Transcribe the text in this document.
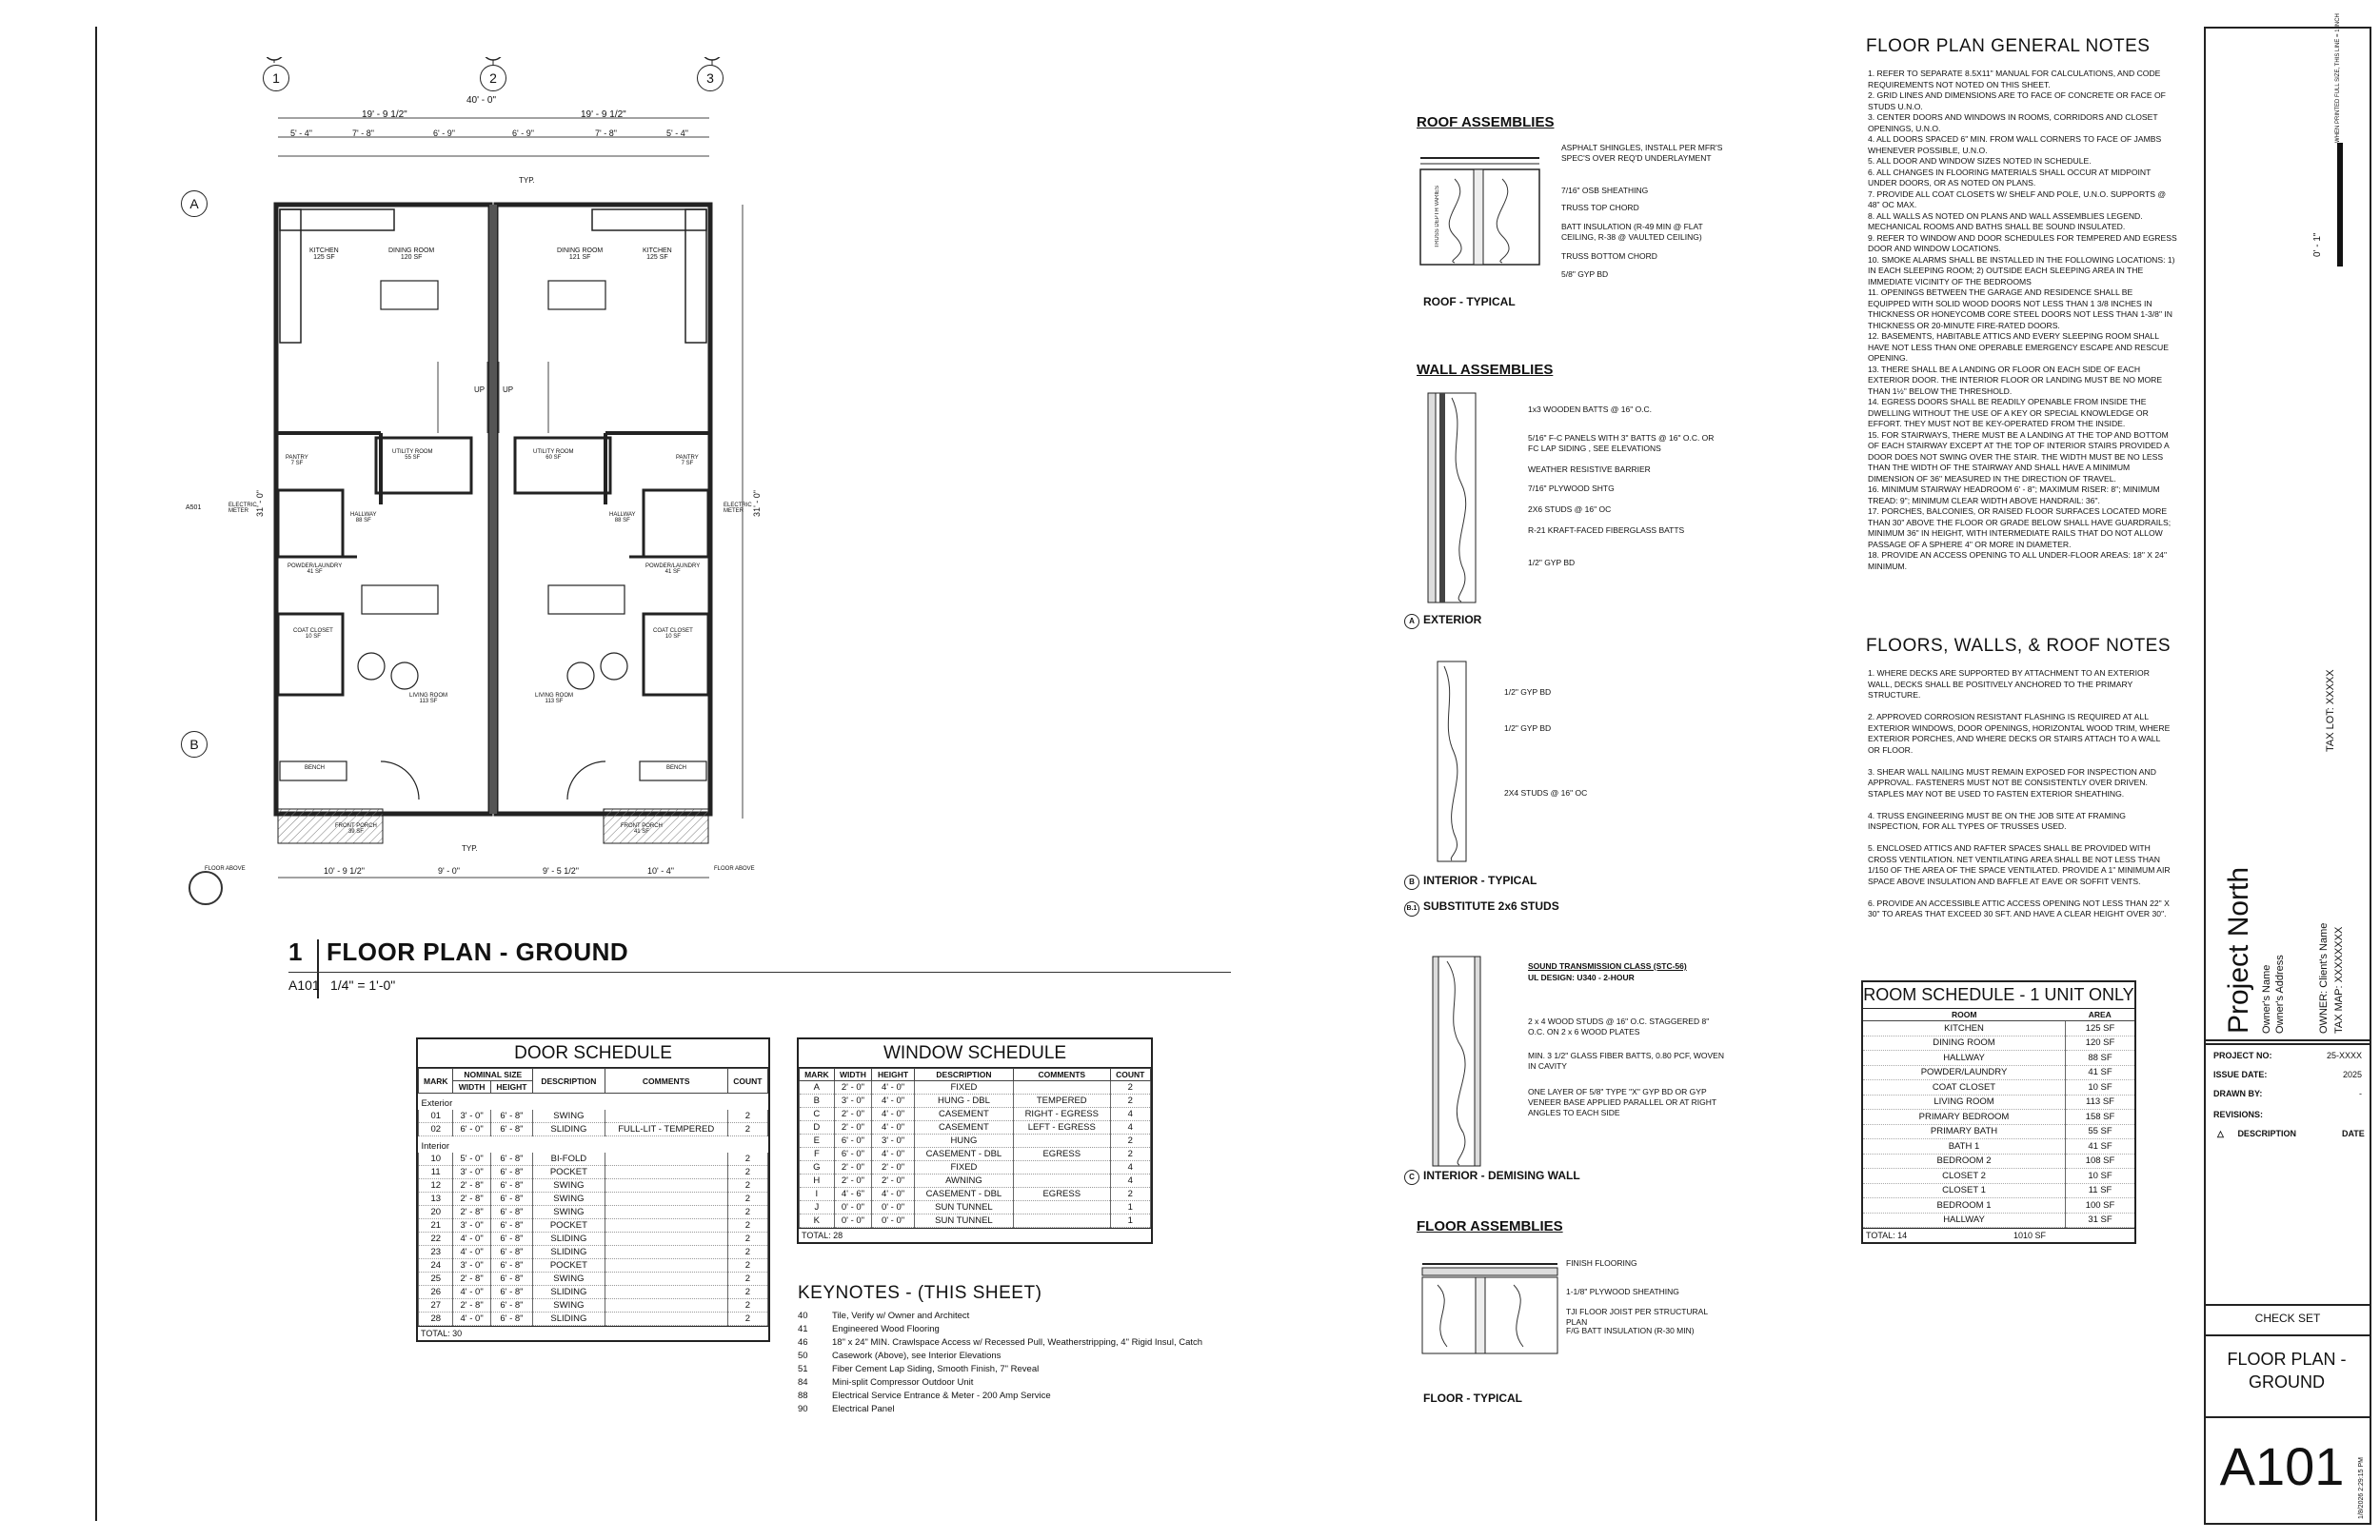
1	2	3
A
B
40' - 0"
19' - 9 1/2"	19' - 9 1/2"
5' - 4"	7' - 8"	6' - 9"	6' - 9"	7' - 8"	5' - 4"
KITCHEN
125 SF
DINING ROOM
120 SF
UTILITY ROOM
55 SF
PANTRY
7 SF
HALLWAY
88 SF
POWDER/LAUNDRY
41 SF
COAT CLOSET
10 SF
LIVING ROOM
113 SF
FRONT PORCH
39 SF
DINING ROOM
121 SF
KITCHEN
125 SF
UTILITY ROOM
60 SF	PANTRY
7 SF
HALLWAY
88 SF
POWDER/LAUNDRY
41 SF
COAT CLOSET
10 SF
LIVING ROOM
113 SF
FRONT PORCH
41 SF
UP UP
TYP.
TYP.
BENCH	BENCH
FLOOR ABOVE	FLOOR ABOVE
ELECTRIC METER
ELECTRIC METER
A501	31' - 0"	31' - 0"
10' - 9 1/2"	9' - 0"	9' - 5 1/2"	10' - 4"
1 FLOOR PLAN - GROUND
A101 1/4" = 1'-0"
DOOR SCHEDULE
MARK	NOMINAL SIZE		DESCRIPTION	COMMENTS	COUNT
	WIDTH	HEIGHT			
Exterior					
01	3' - 0"	6' - 8"	SWING		2
02	6' - 0"	6' - 8"	SLIDING	FULL-LIT - TEMPERED	2
Interior					
10	5' - 0"	6' - 8"	BI-FOLD		2
11	3' - 0"	6' - 8"	POCKET		2
12	2' - 8"	6' - 8"	SWING		2
13	2' - 8"	6' - 8"	SWING		2
20	2' - 8"	6' - 8"	SWING		2
21	3' - 0"	6' - 8"	POCKET		2
22	4' - 0"	6' - 8"	SLIDING		2
23	4' - 0"	6' - 8"	SLIDING		2
24	3' - 0"	6' - 8"	POCKET		2
25	2' - 8"	6' - 8"	SWING		2
26	4' - 0"	6' - 8"	SLIDING		2
27	2' - 8"	6' - 8"	SWING		2
28	4' - 0"	6' - 8"	SLIDING		2
TOTAL: 30
WINDOW SCHEDULE
MARK	WIDTH	HEIGHT	DESCRIPTION	COMMENTS	COUNT
A	2' - 0"	4' - 0"	FIXED		2
B	3' - 0"	4' - 0"	HUNG - DBL	TEMPERED	2
C	2' - 0"	4' - 0"	CASEMENT	RIGHT - EGRESS	4
D	2' - 0"	4' - 0"	CASEMENT	LEFT - EGRESS	4
E	6' - 0"	3' - 0"	HUNG		2
F	6' - 0"	4' - 0"	CASEMENT - DBL	EGRESS	2
G	2' - 0"	2' - 0"	FIXED		4
H	2' - 0"	2' - 0"	AWNING		4
I	4' - 6"	4' - 0"	CASEMENT - DBL	EGRESS	2
J	0' - 0"	0' - 0"	SUN TUNNEL		1
K	0' - 0"	0' - 0"	SUN TUNNEL		1
TOTAL: 28
KEYNOTES - (THIS SHEET)
40	Tile, Verify w/ Owner and Architect
41	Engineered Wood Flooring
46	18" x 24" MIN. Crawlspace Access w/ Recessed Pull, Weatherstripping, 4" Rigid Insul, Catch
50	Casework (Above), see Interior Elevations
51	Fiber Cement Lap Siding, Smooth Finish, 7" Reveal
84	Mini-split Compressor Outdoor Unit
88	Electrical Service Entrance & Meter - 200 Amp Service
90	Electrical Panel
ROOF ASSEMBLIES
ASPHALT SHINGLES, INSTALL PER MFR'S SPEC'S OVER REQ'D UNDERLAYMENT
7/16" OSB SHEATHING
TRUSS TOP CHORD
BATT INSULATION (R-49 MIN @ FLAT CEILING, R-38 @ VAULTED CEILING)
TRUSS BOTTOM CHORD
5/8" GYP BD
TRUSS DEPTH VARIES
ROOF - TYPICAL
WALL ASSEMBLIES
1x3 WOODEN BATTS @ 16" O.C.
5/16" F-C PANELS WITH 3" BATTS @ 16" O.C. OR FC LAP SIDING , SEE ELEVATIONS
WEATHER RESISTIVE BARRIER
7/16" PLYWOOD SHTG
2X6 STUDS @ 16" OC
R-21 KRAFT-FACED FIBERGLASS BATTS
1/2" GYP BD
A EXTERIOR
1/2" GYP BD
1/2" GYP BD
2X4 STUDS @ 16" OC
B INTERIOR - TYPICAL
B.1 SUBSTITUTE 2x6 STUDS
SOUND TRANSMISSION CLASS (STC-56)
UL DESIGN: U340 - 2-HOUR
2 x 4 WOOD STUDS @ 16" O.C. STAGGERED 8" O.C. ON 2 x 6 WOOD PLATES
MIN. 3 1/2" GLASS FIBER BATTS, 0.80 PCF, WOVEN IN CAVITY
ONE LAYER OF 5/8" TYPE "X" GYP BD OR GYP VENEER BASE APPLIED PARALLEL OR AT RIGHT ANGLES TO EACH SIDE
C INTERIOR - DEMISING WALL
FLOOR ASSEMBLIES
FINISH FLOORING
1-1/8" PLYWOOD SHEATHING
TJI FLOOR JOIST PER STRUCTURAL PLAN
F/G BATT INSULATION (R-30 MIN)
FLOOR - TYPICAL
FLOOR PLAN GENERAL NOTES

1. REFER TO SEPARATE 8.5X11" MANUAL FOR CALCULATIONS, AND CODE REQUIREMENTS NOT NOTED ON THIS SHEET.

2. GRID LINES AND DIMENSIONS ARE TO FACE OF CONCRETE OR FACE OF STUDS U.N.O.

3. CENTER DOORS AND WINDOWS IN ROOMS, CORRIDORS AND CLOSET OPENINGS, U.N.O.

4. ALL DOORS SPACED 6" MIN. FROM WALL CORNERS TO FACE OF JAMBS WHENEVER POSSIBLE, U.N.O.

5. ALL DOOR AND WINDOW SIZES NOTED IN SCHEDULE.

6. ALL CHANGES IN FLOORING MATERIALS SHALL OCCUR AT MIDPOINT UNDER DOORS, OR AS NOTED ON PLANS.

7. PROVIDE ALL COAT CLOSETS W/ SHELF AND POLE, U.N.O. SUPPORTS @ 48" OC MAX.

8. ALL WALLS AS NOTED ON PLANS AND WALL ASSEMBLIES LEGEND. MECHANICAL ROOMS AND BATHS SHALL BE SOUND INSULATED.

9. REFER TO WINDOW AND DOOR SCHEDULES FOR TEMPERED AND EGRESS DOOR AND WINDOW LOCATIONS.

10. SMOKE ALARMS SHALL BE INSTALLED IN THE FOLLOWING LOCATIONS: 1) IN EACH SLEEPING ROOM; 2) OUTSIDE EACH SLEEPING AREA IN THE IMMEDIATE VICINITY OF THE BEDROOMS

11. OPENINGS BETWEEN THE GARAGE AND RESIDENCE SHALL BE EQUIPPED WITH SOLID WOOD DOORS NOT LESS THAN 1 3/8 INCHES IN THICKNESS OR HONEYCOMB CORE STEEL DOORS NOT LESS THAN 1-3/8" IN THICKNESS OR 20-MINUTE FIRE-RATED DOORS.

12. BASEMENTS, HABITABLE ATTICS AND EVERY SLEEPING ROOM SHALL HAVE NOT LESS THAN ONE OPERABLE EMERGENCY ESCAPE AND RESCUE OPENING.

13. THERE SHALL BE A LANDING OR FLOOR ON EACH SIDE OF EACH EXTERIOR DOOR. THE INTERIOR FLOOR OR LANDING MUST BE NO MORE THAN 1½" BELOW THE THRESHOLD.

14. EGRESS DOORS SHALL BE READILY OPENABLE FROM INSIDE THE DWELLING WITHOUT THE USE OF A KEY OR SPECIAL KNOWLEDGE OR EFFORT. THEY MUST NOT BE KEY-OPERATED FROM THE INSIDE.

15. FOR STAIRWAYS, THERE MUST BE A LANDING AT THE TOP AND BOTTOM OF EACH STAIRWAY EXCEPT AT THE TOP OF INTERIOR STAIRS PROVIDED A DOOR DOES NOT SWING OVER THE STAIR. THE WIDTH MUST BE NO LESS THAN THE WIDTH OF THE STAIRWAY AND SHALL HAVE A MINIMUM DIMENSION OF 36" MEASURED IN THE DIRECTION OF TRAVEL.

16. MINIMUM STAIRWAY HEADROOM 6' - 8"; MAXIMUM RISER: 8"; MINIMUM TREAD: 9"; MINIMUM CLEAR WIDTH ABOVE HANDRAIL: 36".

17. PORCHES, BALCONIES, OR RAISED FLOOR SURFACES LOCATED MORE THAN 30" ABOVE THE FLOOR OR GRADE BELOW SHALL HAVE GUARDRAILS; MINIMUM 36" IN HEIGHT, WITH INTERMEDIATE RAILS THAT DO NOT ALLOW PASSAGE OF A SPHERE 4" OR MORE IN DIAMETER.

18. PROVIDE AN ACCESS OPENING TO ALL UNDER-FLOOR AREAS: 18" X 24" MINIMUM.

FLOORS, WALLS, & ROOF NOTES

1. WHERE DECKS ARE SUPPORTED BY ATTACHMENT TO AN EXTERIOR WALL, DECKS SHALL BE POSITIVELY ANCHORED TO THE PRIMARY STRUCTURE.

2. APPROVED CORROSION RESISTANT FLASHING IS REQUIRED AT ALL EXTERIOR WINDOWS, DOOR OPENINGS, HORIZONTAL WOOD TRIM, WHERE EXTERIOR PORCHES, AND WHERE DECKS OR STAIRS ATTACH TO A WALL OR FLOOR.

3. SHEAR WALL NAILING MUST REMAIN EXPOSED FOR INSPECTION AND APPROVAL. FASTENERS MUST NOT BE CONSISTENTLY OVER DRIVEN. STAPLES MAY NOT BE USED TO FASTEN EXTERIOR SHEATHING.

4. TRUSS ENGINEERING MUST BE ON THE JOB SITE AT FRAMING INSPECTION, FOR ALL TYPES OF TRUSSES USED.

5. ENCLOSED ATTICS AND RAFTER SPACES SHALL BE PROVIDED WITH CROSS VENTILATION. NET VENTILATING AREA SHALL BE NOT LESS THAN 1/150 OF THE AREA OF THE SPACE VENTILATED. PROVIDE A 1" MINIMUM AIR SPACE ABOVE INSULATION AND BAFFLE AT EAVE OR SOFFIT VENTS.

6. PROVIDE AN ACCESSIBLE ATTIC ACCESS OPENING NOT LESS THAN 22" X 30" TO AREAS THAT EXCEED 30 SFT. AND HAVE A CLEAR HEIGHT OVER 30".

ROOM SCHEDULE - 1 UNIT ONLY
ROOM	AREA
KITCHEN	125 SF
DINING ROOM	120 SF
HALLWAY	88 SF
POWDER/LAUNDRY	41 SF
COAT CLOSET	10 SF
LIVING ROOM	113 SF
PRIMARY BEDROOM	158 SF
PRIMARY BATH	55 SF
BATH 1	41 SF
BEDROOM 2	108 SF
CLOSET 2	10 SF
CLOSET 1	11 SF
BEDROOM 1	100 SF
HALLWAY	31 SF
TOTAL: 14	1010 SF
WHEN PRINTED FULL SIZE, THIS LINE = 1 INCH
0' - 1"
TAX LOT: XXXXX
Project North Owner's Name Owner's Address	OWNER: Client's Name TAX MAP: XXXXXXXX
PROJECT NO:	25-XXXX
ISSUE DATE:	2025
DRAWN BY:	-
REVISIONS:
△ DESCRIPTION	DATE
CHECK SET
FLOOR PLAN - GROUND
A101	1/8/2026 2:29:15 PM
